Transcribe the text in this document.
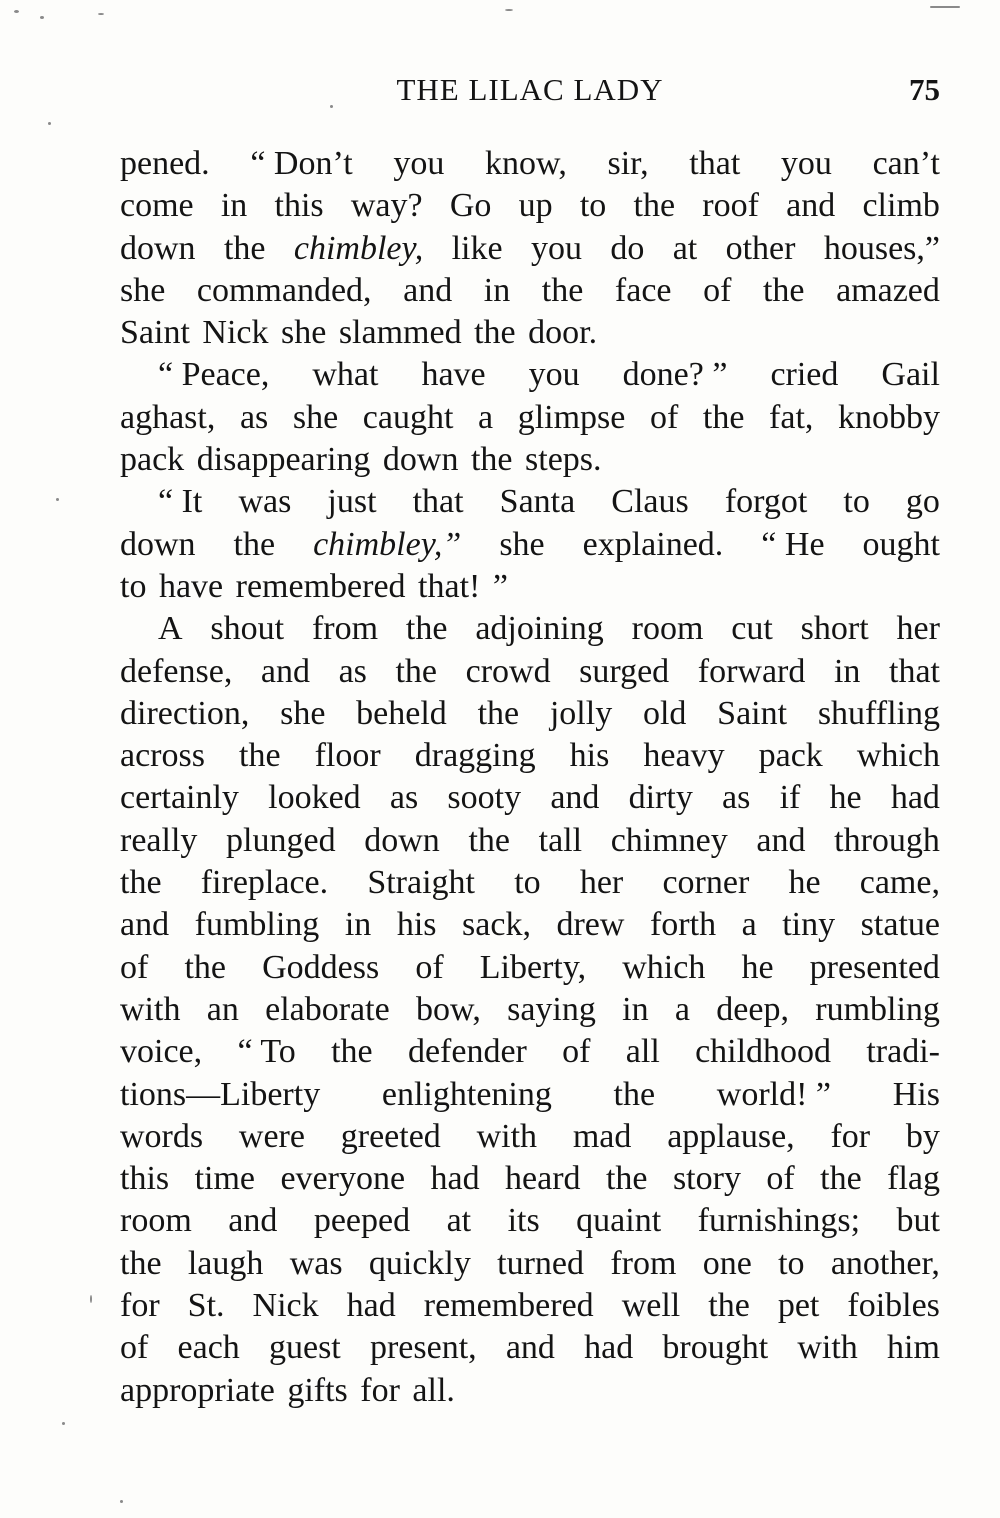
THE LILAC LADY	75
pened. “ Don’t you know, sir, that you can’t
come in this way? Go up to the roof and climb
down the chimbley, like you do at other houses,”
she commanded, and in the face of the amazed
Saint
Nick
she
slammed
the
door.
“ Peace, what have you done? ” cried Gail
aghast, as she caught a glimpse of the fat, knobby
pack
disappearing
down
the
steps.
“ It was just that Santa Claus forgot to go
down the chimbley,” she explained. “ He ought
to
have
remembered
that! ”
A shout from the adjoining room cut short her
defense, and as the crowd surged forward in that
direction, she beheld the jolly old Saint shuffling
across the floor dragging his heavy pack which
certainly looked as sooty and dirty as if he had
really plunged down the tall chimney and through
the fireplace. Straight to her corner he came,
and fumbling in his sack, drew forth a tiny statue
of the Goddess of Liberty, which he presented
with an elaborate bow, saying in a deep, rumbling
voice, “ To the defender of all childhood tradi-
tions—Liberty enlightening the world! ” His
words were greeted with mad applause, for by
this time everyone had heard the story of the flag
room and peeped at its quaint furnishings; but
the laugh was quickly turned from one to another,
for St. Nick had remembered well the pet foibles
of each guest present, and had brought with him
appropriate
gifts
for
all.
